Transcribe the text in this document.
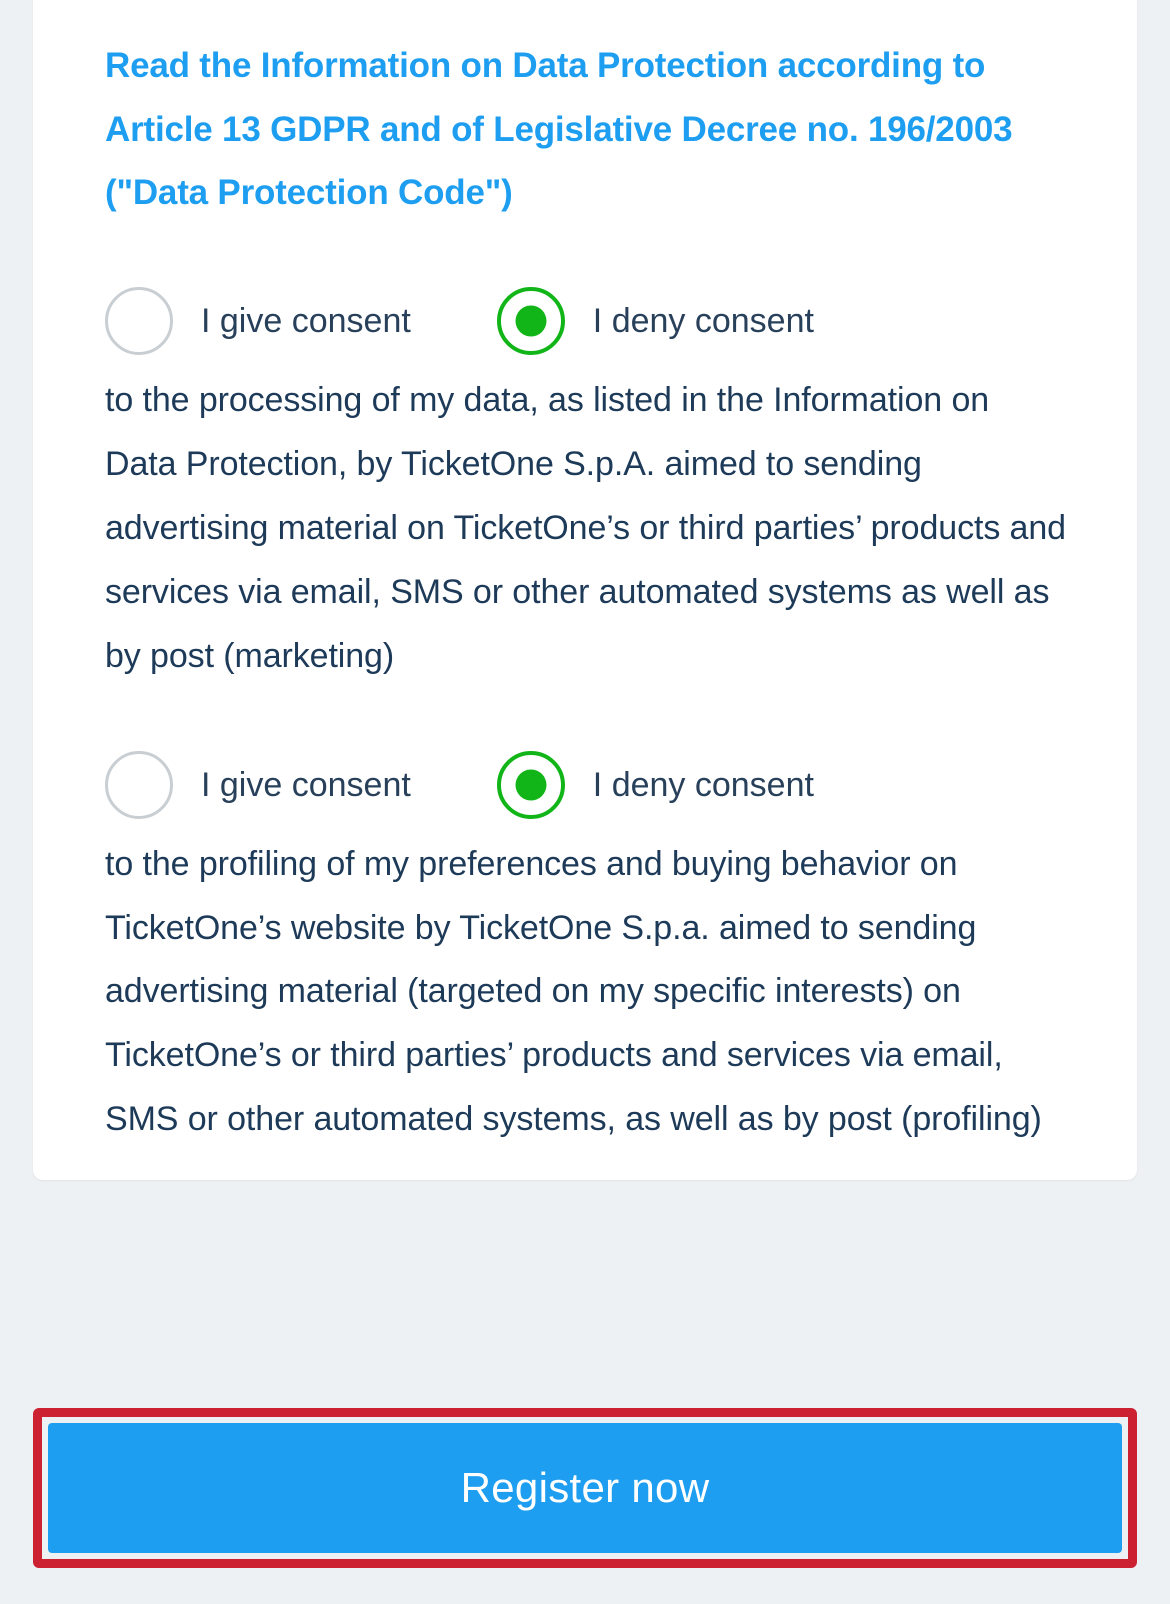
Read the Information on Data Protection according to Article 13 GDPR and of Legislative Decree no. 196/2003 ("Data Protection Code")
I give consent	I deny consent

to the processing of my data, as listed in the Information on Data Protection, by TicketOne S.p.A. aimed to sending advertising material on TicketOne’s or third parties’ products and services via email, SMS or other automated systems as well as by post (marketing)

I give consent	I deny consent

to the profiling of my preferences and buying behavior on TicketOne’s website by TicketOne S.p.a. aimed to sending advertising material (targeted on my specific interests) on TicketOne’s or third parties’ products and services via email, SMS or other automated systems, as well as by post (profiling)

Register now
